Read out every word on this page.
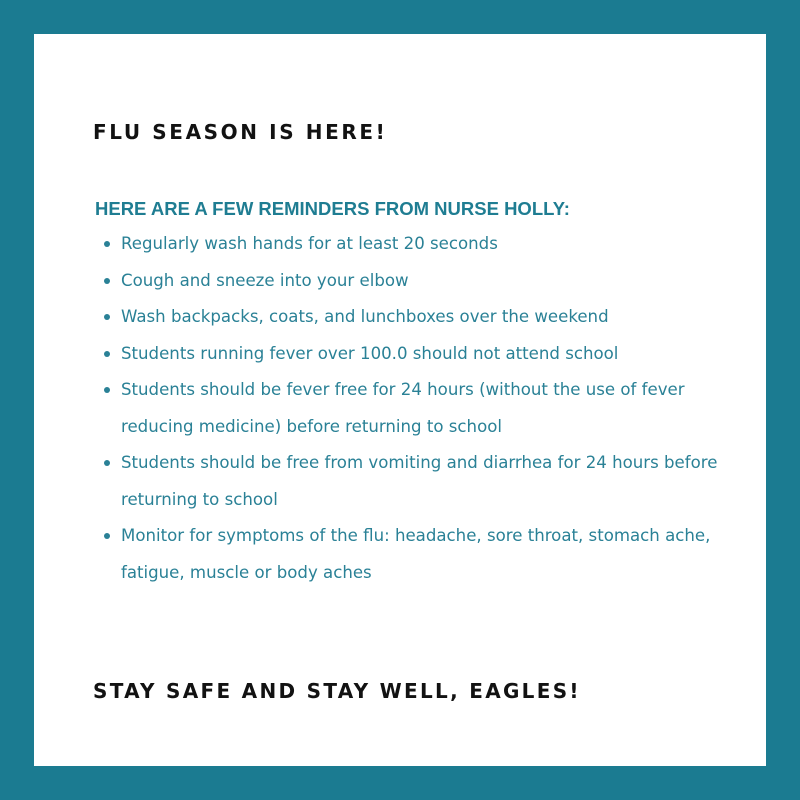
FLU SEASON IS HERE!
HERE ARE A FEW REMINDERS FROM NURSE HOLLY:
Regularly wash hands for at least 20 seconds
Cough and sneeze into your elbow
Wash backpacks, coats, and lunchboxes over the weekend
Students running fever over 100.0 should not attend school
Students should be fever free for 24 hours (without the use of fever reducing medicine) before returning to school
Students should be free from vomiting and diarrhea for 24 hours before returning to school
Monitor for symptoms of the flu: headache, sore throat, stomach ache, fatigue, muscle or body aches
STAY SAFE AND STAY WELL, EAGLES!
